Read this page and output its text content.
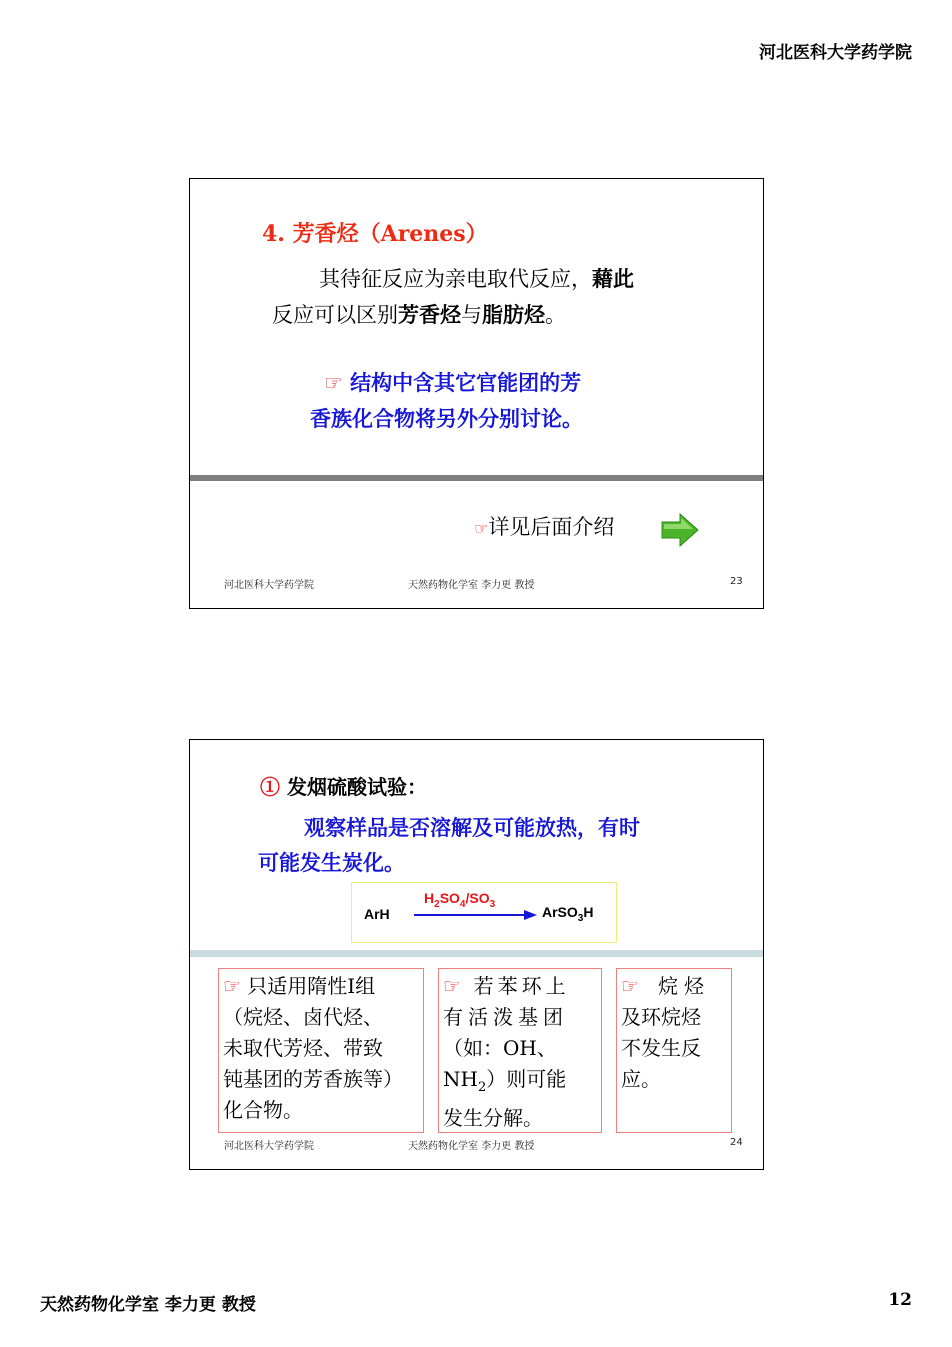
河北医科大学药学院
4. 芳香烃（Arenes）
其待征反应为亲电取代反应，藉此
反应可以区别芳香烃与脂肪烃。
☞ 结构中含其它官能团的芳
香族化合物将另外分别讨论。
☞详见后面介绍
河北医科大学药学院	天然药物化学室 李力更 教授	23
① 发烟硫酸试验：
观察样品是否溶解及可能放热，有时
可能发生炭化。
ArH
$H_2SO_4/SO_3$	ArSO$_3$H
☞ 只适用隋性I组
（烷烃、卤代烃、
未取代芳烃、带致
钝基团的芳香族等）
化合物。
☞ 若苯环上
有活泼基团
（如：OH、
$NH_2$）则可能
发生分解。
☞ 烷烃
及环烷烃
不发生反
应。
河北医科大学药学院	天然药物化学室 李力更 教授	24
天然药物化学室 李力更 教授	12
